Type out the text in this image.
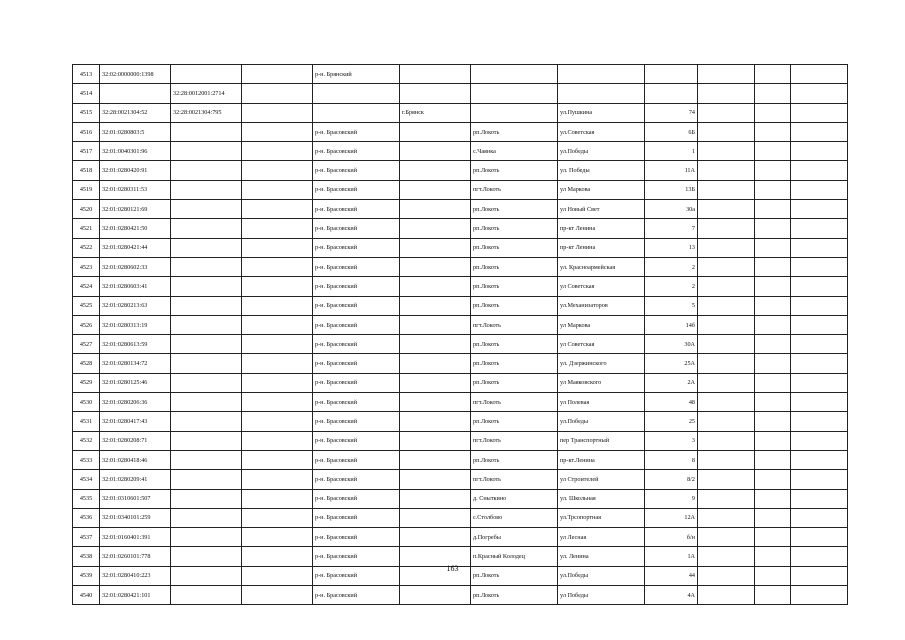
4513	32:02:0000000:1398			р-н. Брянский							
4514		32:28:0012001:2714									
4515	32:28:0021304:52	32:28:0021304:795			г.Брянск		ул.Пушкина	74			
4516	32:01:0280803:5			р-н. Брасовский		рп.Локоть	ул.Советская	6Б			
4517	32:01:0040301:96			р-н. Брасовский		с.Чаянка	ул.Победы	1			
4518	32:01:0280420:91			р-н. Брасовский		рп.Локоть	ул. Победы	11А			
4519	32:01:0280311:53			р-н. Брасовский		пгт.Локоть	ул Маркова	13Б			
4520	32:01:0280121:69			р-н. Брасовский		рп.Локоть	ул Новый Свет	30а			
4521	32:01:0280421:50			р-н. Брасовский		рп.Локоть	пр-кт Ленина	7			
4522	32:01:0280421:44			р-н. Брасовский		рп.Локоть	пр-кт Ленина	13			
4523	32:01:0280602:33			р-н. Брасовский		рп.Локоть	ул. Красноармейская	2			
4524	32:01:0280603:41			р-н. Брасовский		рп.Локоть	ул Советская	2			
4525	32:01:0280213:63			р-н. Брасовский		рп.Локоть	ул.Механизаторов	5			
4526	32:01:0280313:19			р-н. Брасовский		пгт.Локоть	ул Маркова	14б			
4527	32:01:0280613:59			р-н. Брасовский		рп.Локоть	ул Советская	30А			
4528	32:01:0280134:72			р-н. Брасовский		рп.Локоть	ул. Дзержинского	25А			
4529	32:01:0280125:46			р-н. Брасовский		рп.Локоть	ул Маяковского	2А			
4530	32:01:0280206:36			р-н. Брасовский		пгт.Локоть	ул Полевая	48			
4531	32:01:0280417:43			р-н. Брасовский		рп.Локоть	ул.Победы	25			
4532	32:01:0280208:71			р-н. Брасовский		пгт.Локоть	пер Транспортный	3			
4533	32:01:0280418:46			р-н. Брасовский		рп.Локоть	пр-кт.Ленина	8			
4534	32:01:0280209:41			р-н. Брасовский		пгт.Локоть	ул Строителей	8/2			
4535	32:01:0310601:507			р-н. Брасовский		д. Сныткино	ул. Школьная	9			
4536	32:01:0340101:259			р-н. Брасовский		с.Столбово	ул.Трсопортная	12А			
4537	32:01:0160401:391			р-н. Брасовский		д.Погребы	ул Лесная	б/н			
4538	32:01:0260101:778			р-н. Брасовский		п.Красный Колодец	ул. Ленина	1А			
4539	32:01:0280410:223			р-н. Брасовский		рп.Локоть	ул.Победы	44			
4540	32:01:0280421:101			р-н. Брасовский		рп.Локоть	ул Победы	4А			
163
